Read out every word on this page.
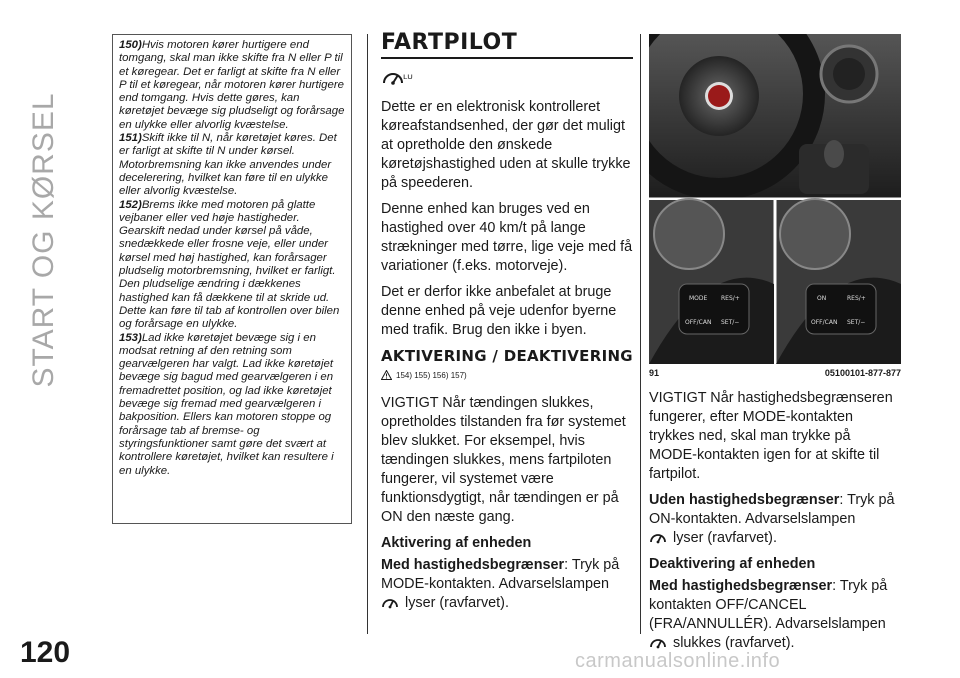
START OG KØRSEL
120

150)Hvis motoren kører hurtigere end tomgang, skal man ikke skifte fra N eller P til et køregear. Det er farligt at skifte fra N eller P til et køregear, når motoren kører hurtigere end tomgang. Hvis dette gøres, kan køretøjet bevæge sig pludseligt og forårsage en ulykke eller alvorlig kvæstelse.

151)Skift ikke til N, når køretøjet køres. Det er farligt at skifte til N under kørsel. Motorbremsning kan ikke anvendes under decelerering, hvilket kan føre til en ulykke eller alvorlig kvæstelse.

152)Brems ikke med motoren på glatte vejbaner eller ved høje hastigheder. Gearskift nedad under kørsel på våde, snedækkede eller frosne veje, eller under kørsel med høj hastighed, kan forårsager pludselig motorbremsning, hvilket er farligt. Den pludselige ændring i dækkenes hastighed kan få dækkene til at skride ud. Dette kan føre til tab af kontrollen over bilen og forårsage en ulykke.

153)Lad ikke køretøjet bevæge sig i en modsat retning af den retning som gearvælgeren har valgt. Lad ikke køretøjet bevæge sig bagud med gearvælgeren i en fremadrettet position, og lad ikke køretøjet bevæge sig fremad med gearvælgeren i bakposition. Ellers kan motoren stoppe og forårsage tab af bremse- og styringsfunktioner samt gøre det svært at kontrollere køretøjet, hvilket kan resultere i en ulykke.

FARTPILOT
ᴸᵁ

Dette er en elektronisk kontrolleret køreafstandsenhed, der gør det muligt at opretholde den ønskede køretøjshastighed uden at skulle trykke på speederen.

Denne enhed kan bruges ved en hastighed over 40 km/t på lange strækninger med tørre, lige veje med få variationer (f.eks. motorveje).

Det er derfor ikke anbefalet at bruge denne enhed på veje udenfor byerne med trafik. Brug den ikke i byen.

AKTIVERING / DEAKTIVERING
154) 155) 156) 157)

VIGTIGT Når tændingen slukkes, opretholdes tilstanden fra før systemet blev slukket. For eksempel, hvis tændingen slukkes, mens fartpiloten fungerer, vil systemet være funktionsdygtigt, når tændingen er på ON den næste gang.

Aktivering af enheden

Med hastighedsbegrænser: Tryk på MODE-kontakten. Advarselslampen

lyser (ravfarvet).

MODE RES/+
OFF/CAN SET/−
ON	RES/+
OFF/CAN SET/−
91	05100101-877-877

VIGTIGT Når hastighedsbegrænseren fungerer, efter MODE-kontakten trykkes ned, skal man trykke på MODE-kontakten igen for at skifte til fartpilot.

Uden hastighedsbegrænser: Tryk på ON-kontakten. Advarselslampen

lyser (ravfarvet).

Deaktivering af enheden

Med hastighedsbegrænser: Tryk på kontakten OFF/CANCEL (FRA/ANNULLÉR). Advarselslampen

slukkes (ravfarvet).

carmanualsonline.info
